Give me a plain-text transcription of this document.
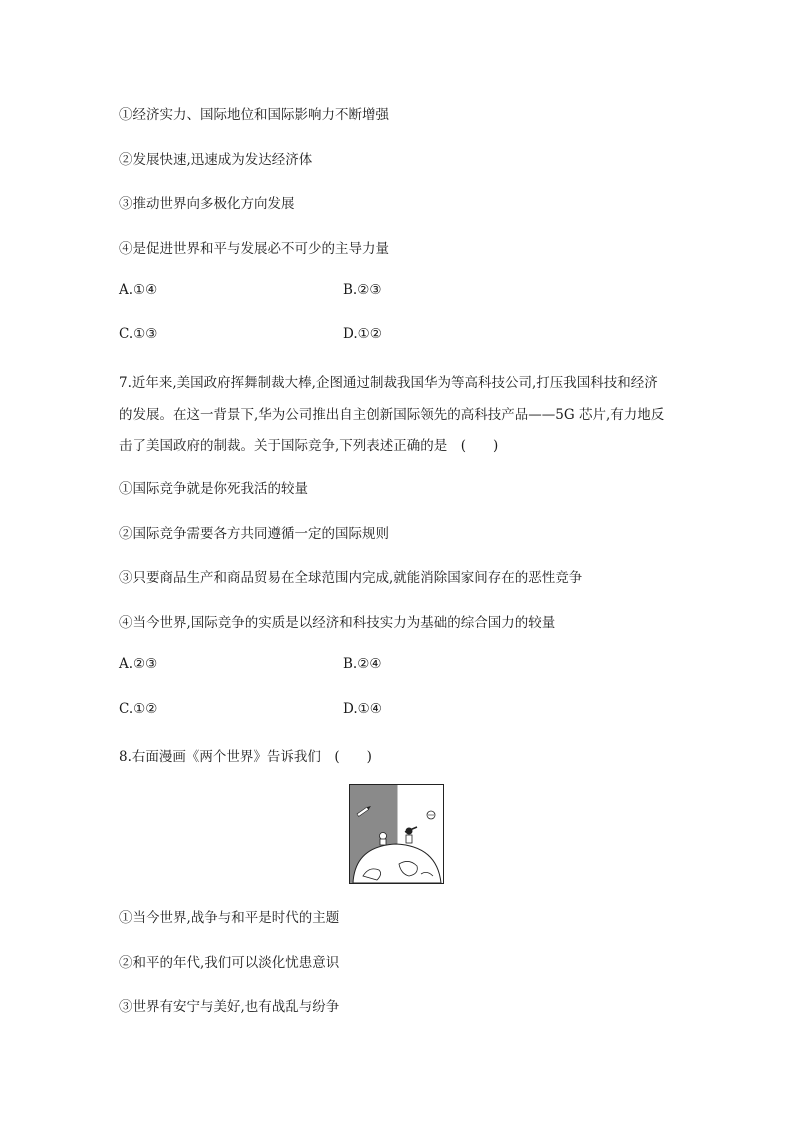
①经济实力、国际地位和国际影响力不断增强
②发展快速,迅速成为发达经济体
③推动世界向多极化方向发展
④是促进世界和平与发展必不可少的主导力量
A.①④	B.②③
C.①③	D.①②
7.近年来,美国政府挥舞制裁大棒,企图通过制裁我国华为等高科技公司,打压我国科技和经济
的发展。在这一背景下,华为公司推出自主创新国际领先的高科技产品——5G 芯片,有力地反
击了美国政府的制裁。关于国际竞争,下列表述正确的是　(　　)
①国际竞争就是你死我活的较量
②国际竞争需要各方共同遵循一定的国际规则
③只要商品生产和商品贸易在全球范围内完成,就能消除国家间存在的恶性竞争
④当今世界,国际竞争的实质是以经济和科技实力为基础的综合国力的较量
A.②③	B.②④
C.①②	D.①④
8.右面漫画《两个世界》告诉我们　(　　)
①当今世界,战争与和平是时代的主题
②和平的年代,我们可以淡化忧患意识
③世界有安宁与美好,也有战乱与纷争
